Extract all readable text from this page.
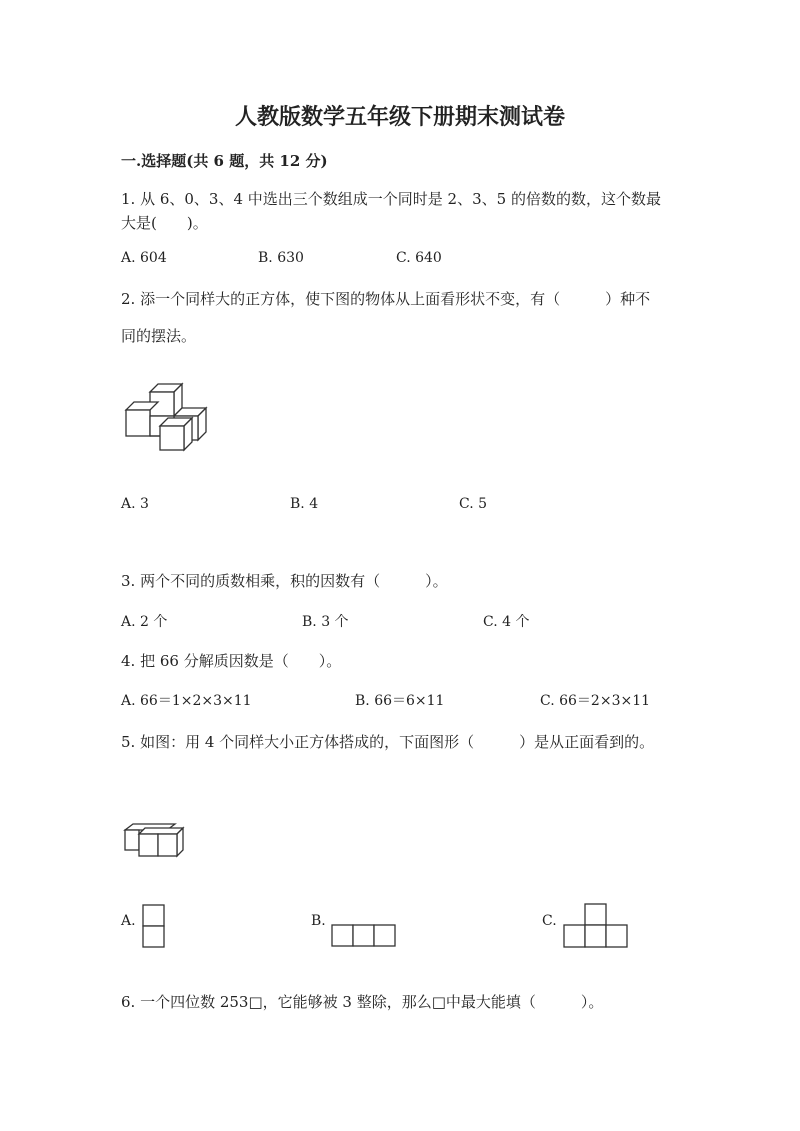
人教版数学五年级下册期末测试卷
一.选择题(共 6 题，共 12 分)
1. 从 6、0、3、4 中选出三个数组成一个同时是 2、3、5 的倍数的数，这个数最
大是(　　)。
A. 604	B. 630	C. 640
2. 添一个同样大的正方体，使下图的物体从上面看形状不变，有（　　　）种不
同的摆法。
A. 3	B. 4	C. 5
3. 两个不同的质数相乘，积的因数有（　　　）。
A. 2 个	B. 3 个	C. 4 个
4. 把 66 分解质因数是（　　）。
A. 66＝1×2×3×11	B. 66＝6×11	C. 66＝2×3×11
5. 如图：用 4 个同样大小正方体搭成的，下面图形（　　　）是从正面看到的。
A.	B.	C.
6. 一个四位数 253□，它能够被 3 整除，那么□中最大能填（　　　）。
